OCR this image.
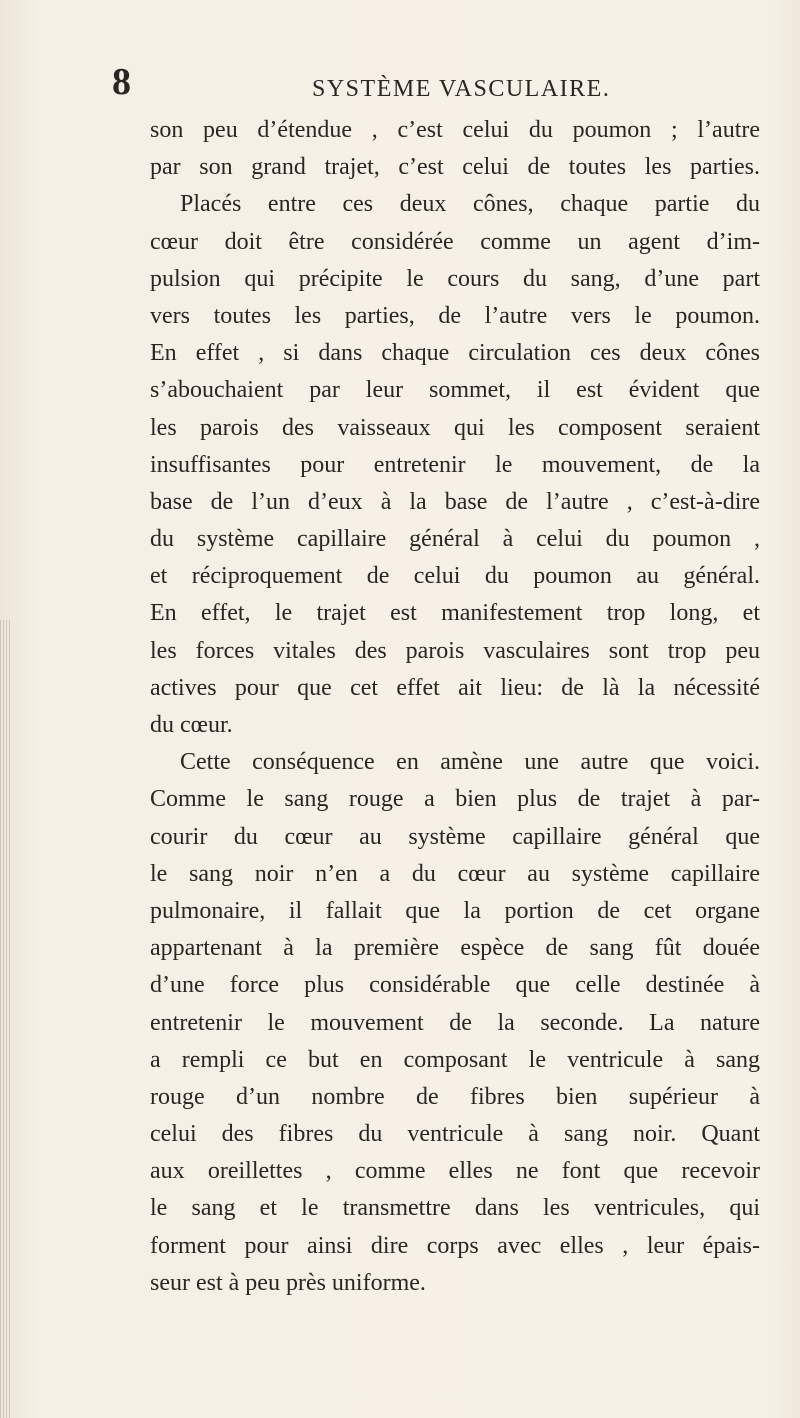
8	SYSTÈME VASCULAIRE.
son peu d’étendue , c’est celui du poumon ; l’autre
par son grand trajet, c’est celui de toutes les parties.
Placés entre ces deux cônes, chaque partie du
cœur doit être considérée comme un agent d’im-
pulsion qui précipite le cours du sang, d’une part
vers toutes les parties, de l’autre vers le poumon.
En effet , si dans chaque circulation ces deux cônes
s’abouchaient par leur sommet, il est évident que
les parois des vaisseaux qui les composent seraient
insuffisantes pour entretenir le mouvement, de la
base de l’un d’eux à la base de l’autre , c’est-à-dire
du système capillaire général à celui du poumon ,
et réciproquement de celui du poumon au général.
En effet, le trajet est manifestement trop long, et
les forces vitales des parois vasculaires sont trop peu
actives pour que cet effet ait lieu: de là la nécessité
du cœur.
Cette conséquence en amène une autre que voici.
Comme le sang rouge a bien plus de trajet à par-
courir du cœur au système capillaire général que
le sang noir n’en a du cœur au système capillaire
pulmonaire, il fallait que la portion de cet organe
appartenant à la première espèce de sang fût douée
d’une force plus considérable que celle destinée à
entretenir le mouvement de la seconde. La nature
a rempli ce but en composant le ventricule à sang
rouge d’un nombre de fibres bien supérieur à
celui des fibres du ventricule à sang noir. Quant
aux oreillettes , comme elles ne font que recevoir
le sang et le transmettre dans les ventricules, qui
forment pour ainsi dire corps avec elles , leur épais-
seur est à peu près uniforme.
